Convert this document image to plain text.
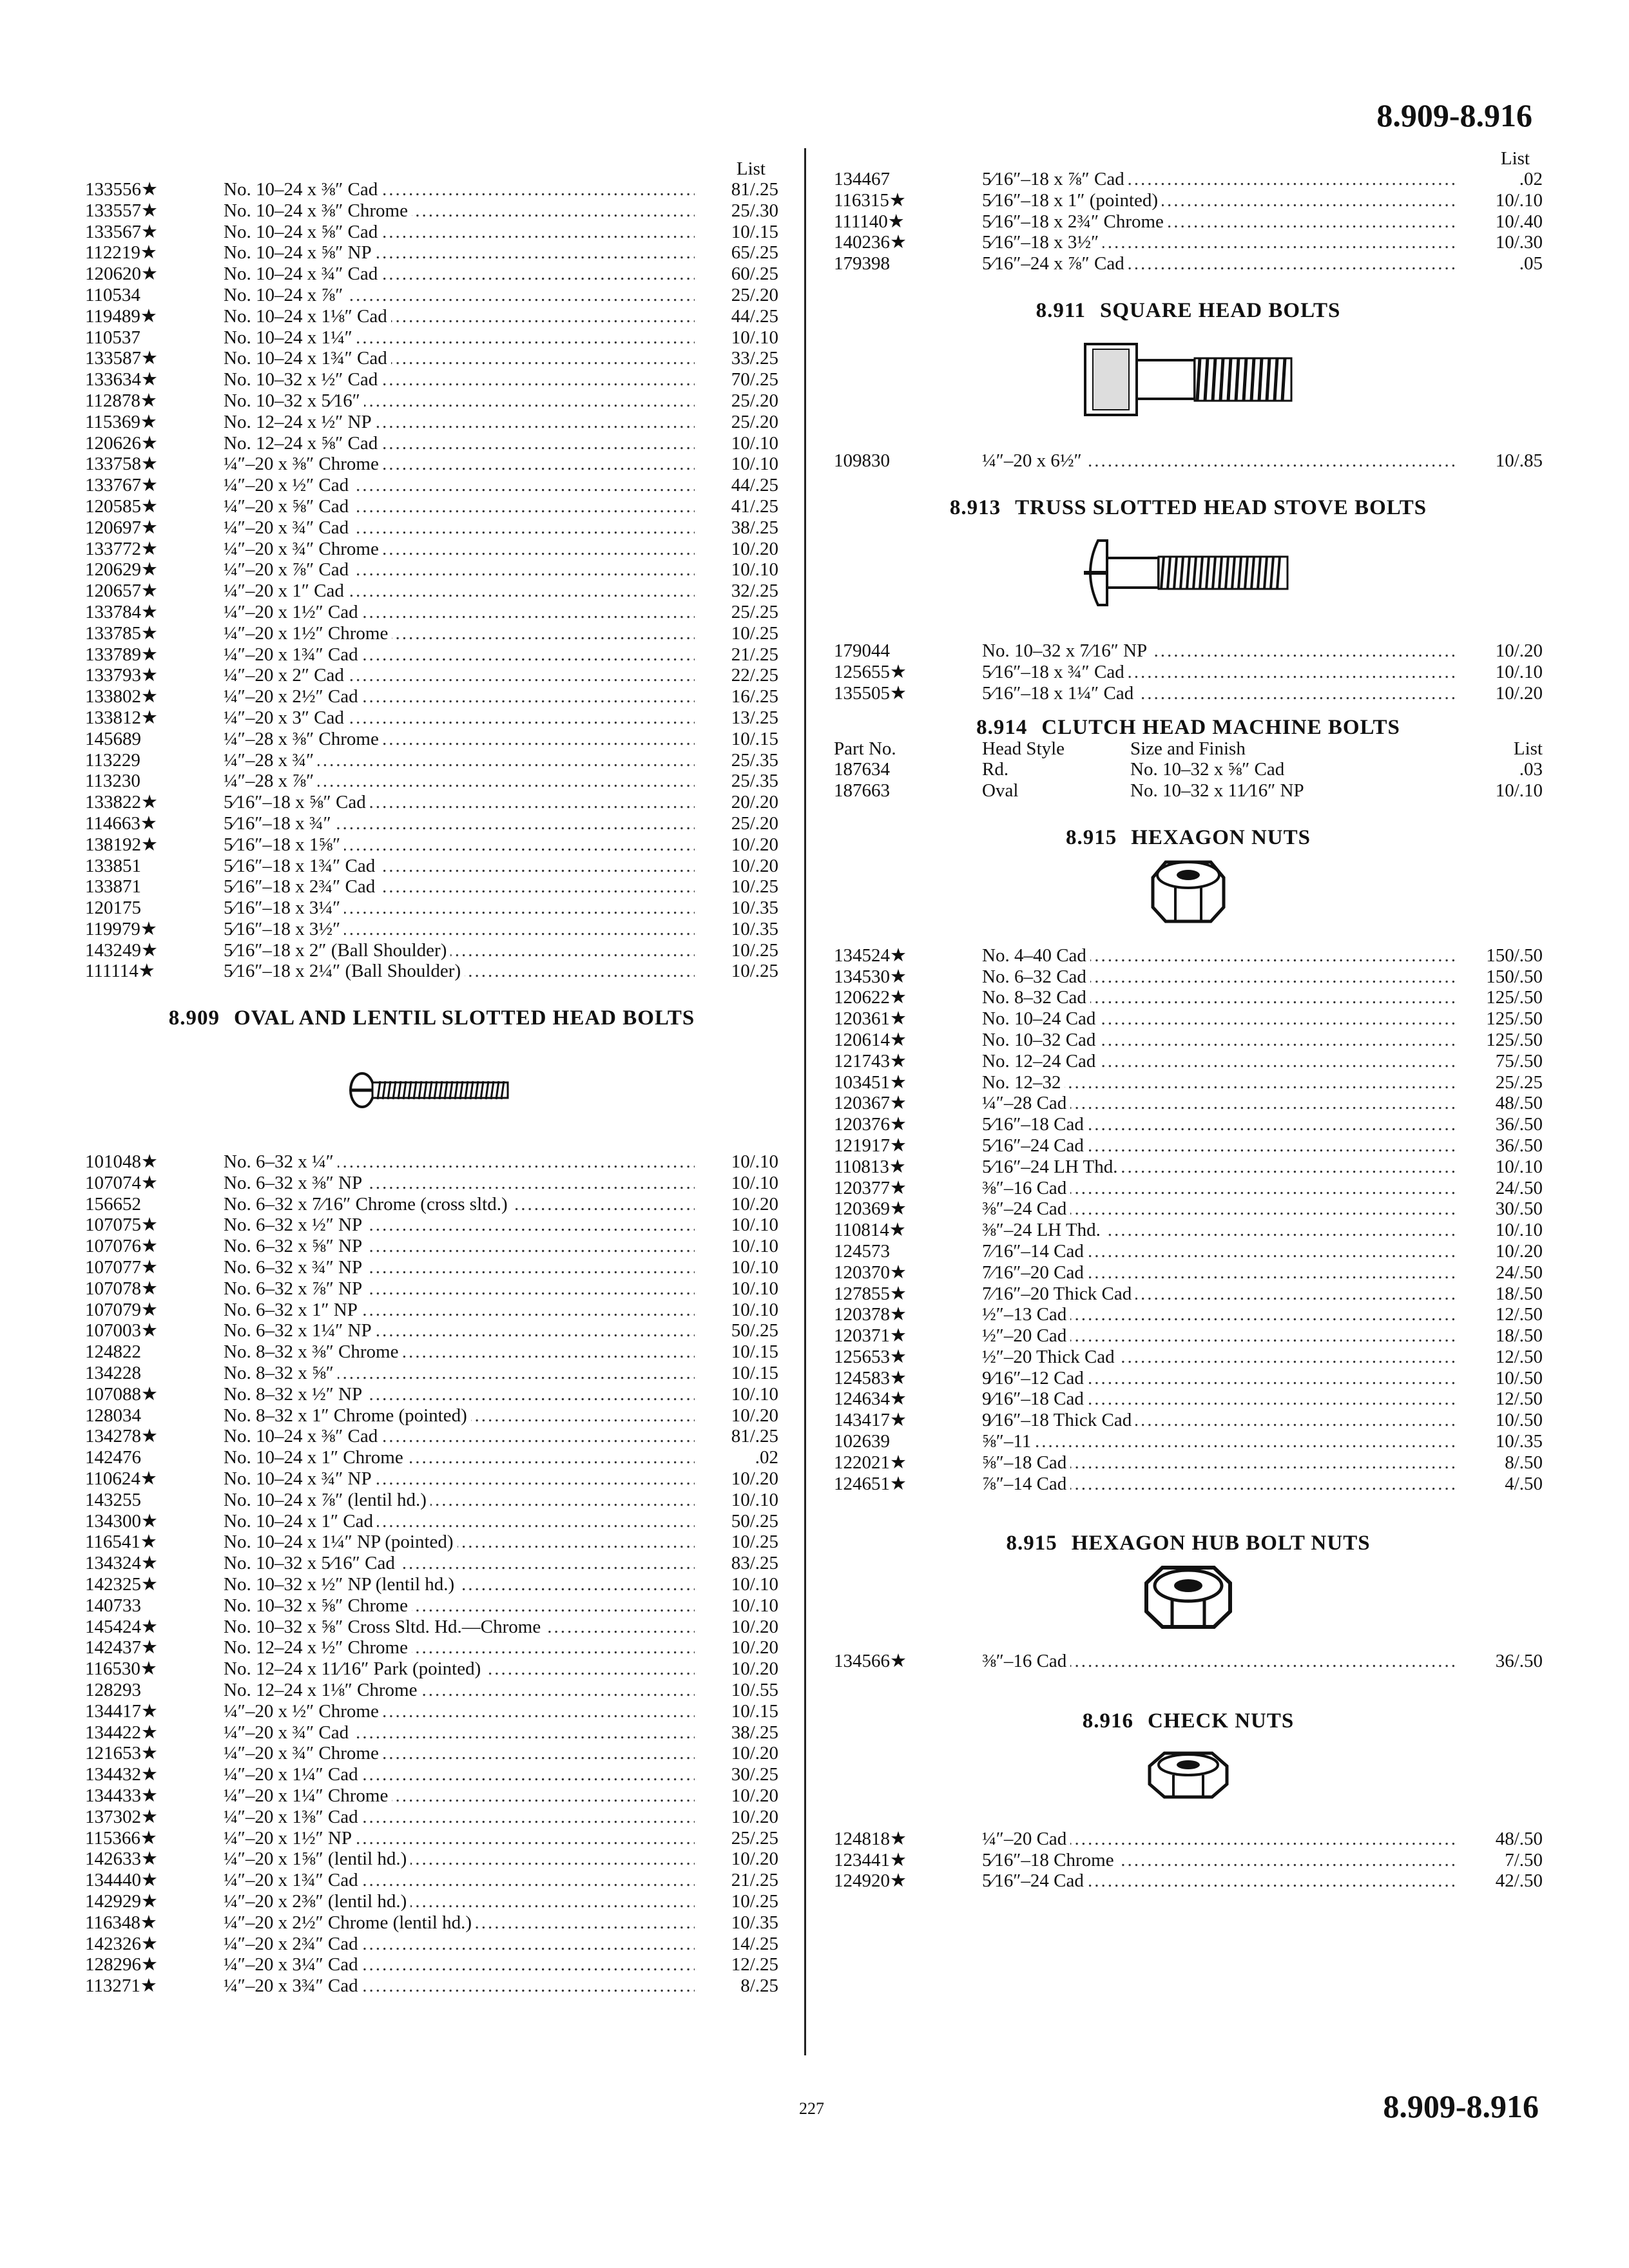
8.909-8.916
List
133556★	No. 10–24 x ⅜″ Cad .....	81/.25
133557★	No. 10–24 x ⅜″ Chrome .....	25/.30
133567★	No. 10–24 x ⅝″ Cad .....	10/.15
112219★	No. 10–24 x ⅝″ NP .....	65/.25
120620★	No. 10–24 x ¾″ Cad .....	60/.25
110534	No. 10–24 x ⅞″ .....	25/.20
119489★	No. 10–24 x 1⅛″ Cad .....	44/.25
110537	No. 10–24 x 1¼″ .....	10/.10
133587★	No. 10–24 x 1¾″ Cad .....	33/.25
133634★	No. 10–32 x ½″ Cad .....	70/.25
112878★	No. 10–32 x 5⁄16″ .....	25/.20
115369★	No. 12–24 x ½″ NP .....	25/.20
120626★	No. 12–24 x ⅝″ Cad .....	10/.10
133758★	¼″–20 x ⅜″ Chrome .....	10/.10
133767★	¼″–20 x ½″ Cad .....	44/.25
120585★	¼″–20 x ⅝″ Cad .....	41/.25
120697★	¼″–20 x ¾″ Cad .....	38/.25
133772★	¼″–20 x ¾″ Chrome .....	10/.20
120629★	¼″–20 x ⅞″ Cad .....	10/.10
120657★	¼″–20 x 1″ Cad .....	32/.25
133784★	¼″–20 x 1½″ Cad .....	25/.25
133785★	¼″–20 x 1½″ Chrome .....	10/.25
133789★	¼″–20 x 1¾″ Cad .....	21/.25
133793★	¼″–20 x 2″ Cad .....	22/.25
133802★	¼″–20 x 2½″ Cad .....	16/.25
133812★	¼″–20 x 3″ Cad .....	13/.25
145689	¼″–28 x ⅜″ Chrome .....	10/.15
113229	¼″–28 x ¾″ .....	25/.35
113230	¼″–28 x ⅞″ .....	25/.35
133822★	5⁄16″–18 x ⅝″ Cad .....	20/.20
114663★	5⁄16″–18 x ¾″ .....	25/.20
138192★	5⁄16″–18 x 1⅝″ .....	10/.20
133851	5⁄16″–18 x 1¾″ Cad .....	10/.20
133871	5⁄16″–18 x 2¾″ Cad .....	10/.25
120175	5⁄16″–18 x 3¼″ .....	10/.35
119979★	5⁄16″–18 x 3½″ .....	10/.35
143249★	5⁄16″–18 x 2″ (Ball Shoulder) .....	10/.25
111114★	5⁄16″–18 x 2¼″ (Ball Shoulder) .....	10/.25
8.909 OVAL AND LENTIL SLOTTED HEAD BOLTS
101048★	No. 6–32 x ¼″ .....	10/.10
107074★	No. 6–32 x ⅜″ NP .....	10/.10
156652	No. 6–32 x 7⁄16″ Chrome (cross sltd.) .....	10/.20
107075★	No. 6–32 x ½″ NP .....	10/.10
107076★	No. 6–32 x ⅝″ NP .....	10/.10
107077★	No. 6–32 x ¾″ NP .....	10/.10
107078★	No. 6–32 x ⅞″ NP .....	10/.10
107079★	No. 6–32 x 1″ NP .....	10/.10
107003★	No. 6–32 x 1¼″ NP .....	50/.25
124822	No. 8–32 x ⅜″ Chrome .....	10/.15
134228	No. 8–32 x ⅝″ .....	10/.15
107088★	No. 8–32 x ½″ NP .....	10/.10
128034	No. 8–32 x 1″ Chrome (pointed) .....	10/.20
134278★	No. 10–24 x ⅜″ Cad .....	81/.25
142476	No. 10–24 x 1″ Chrome .....	.02
110624★	No. 10–24 x ¾″ NP .....	10/.20
143255	No. 10–24 x ⅞″ (lentil hd.) .....	10/.10
134300★	No. 10–24 x 1″ Cad .....	50/.25
116541★	No. 10–24 x 1¼″ NP (pointed) .....	10/.25
134324★	No. 10–32 x 5⁄16″ Cad .....	83/.25
142325★	No. 10–32 x ½″ NP (lentil hd.) .....	10/.10
140733	No. 10–32 x ⅝″ Chrome .....	10/.10
145424★	No. 10–32 x ⅝″ Cross Sltd. Hd.—Chrome .....	10/.20
142437★	No. 12–24 x ½″ Chrome .....	10/.20
116530★	No. 12–24 x 11⁄16″ Park (pointed) .....	10/.20
128293	No. 12–24 x 1⅛″ Chrome .....	10/.55
134417★	¼″–20 x ½″ Chrome .....	10/.15
134422★	¼″–20 x ¾″ Cad .....	38/.25
121653★	¼″–20 x ¾″ Chrome .....	10/.20
134432★	¼″–20 x 1¼″ Cad .....	30/.25
134433★	¼″–20 x 1¼″ Chrome .....	10/.20
137302★	¼″–20 x 1⅜″ Cad .....	10/.20
115366★	¼″–20 x 1½″ NP .....	25/.25
142633★	¼″–20 x 1⅝″ (lentil hd.) .....	10/.20
134440★	¼″–20 x 1¾″ Cad .....	21/.25
142929★	¼″–20 x 2⅜″ (lentil hd.) .....	10/.25
116348★	¼″–20 x 2½″ Chrome (lentil hd.) .....	10/.35
142326★	¼″–20 x 2¾″ Cad .....	14/.25
128296★	¼″–20 x 3¼″ Cad .....	12/.25
113271★	¼″–20 x 3¾″ Cad .....	8/.25
List
134467	5⁄16″–18 x ⅞″ Cad .....	.02
116315★	5⁄16″–18 x 1″ (pointed) .....	10/.10
111140★	5⁄16″–18 x 2¾″ Chrome .....	10/.40
140236★	5⁄16″–18 x 3½″ .....	10/.30
179398	5⁄16″–24 x ⅞″ Cad .....	.05
8.911 SQUARE HEAD BOLTS
109830	¼″–20 x 6½″ .....	10/.85
8.913 TRUSS SLOTTED HEAD STOVE BOLTS
179044	No. 10–32 x 7⁄16″ NP .....	10/.20
125655★	5⁄16″–18 x ¾″ Cad .....	10/.10
135505★	5⁄16″–18 x 1¼″ Cad .....	10/.20
8.914 CLUTCH HEAD MACHINE BOLTS
Part No.	Head Style	Size and Finish	List
187634	Rd.	No. 10–32 x ⅝″ Cad	.03
187663	Oval	No. 10–32 x 11⁄16″ NP	10/.10
8.915 HEXAGON NUTS
134524★	No. 4–40 Cad .....	150/.50
134530★	No. 6–32 Cad .....	150/.50
120622★	No. 8–32 Cad .....	125/.50
120361★	No. 10–24 Cad .....	125/.50
120614★	No. 10–32 Cad .....	125/.50
121743★	No. 12–24 Cad .....	75/.50
103451★	No. 12–32 .....	25/.25
120367★	¼″–28 Cad .....	48/.50
120376★	5⁄16″–18 Cad .....	36/.50
121917★	5⁄16″–24 Cad .....	36/.50
110813★	5⁄16″–24 LH Thd. .....	10/.10
120377★	⅜″–16 Cad .....	24/.50
120369★	⅜″–24 Cad .....	30/.50
110814★	⅜″–24 LH Thd. .....	10/.10
124573	7⁄16″–14 Cad .....	10/.20
120370★	7⁄16″–20 Cad .....	24/.50
127855★	7⁄16″–20 Thick Cad .....	18/.50
120378★	½″–13 Cad .....	12/.50
120371★	½″–20 Cad .....	18/.50
125653★	½″–20 Thick Cad .....	12/.50
124583★	9⁄16″–12 Cad .....	10/.50
124634★	9⁄16″–18 Cad .....	12/.50
143417★	9⁄16″–18 Thick Cad .....	10/.50
102639	⅝″–11 .....	10/.35
122021★	⅝″–18 Cad .....	8/.50
124651★	⅞″–14 Cad .....	4/.50
8.915 HEXAGON HUB BOLT NUTS
134566★	⅜″–16 Cad .....	36/.50
8.916 CHECK NUTS
124818★	¼″–20 Cad .....	48/.50
123441★	5⁄16″–18 Chrome .....	7/.50
124920★	5⁄16″–24 Cad .....	42/.50
227	8.909-8.916
